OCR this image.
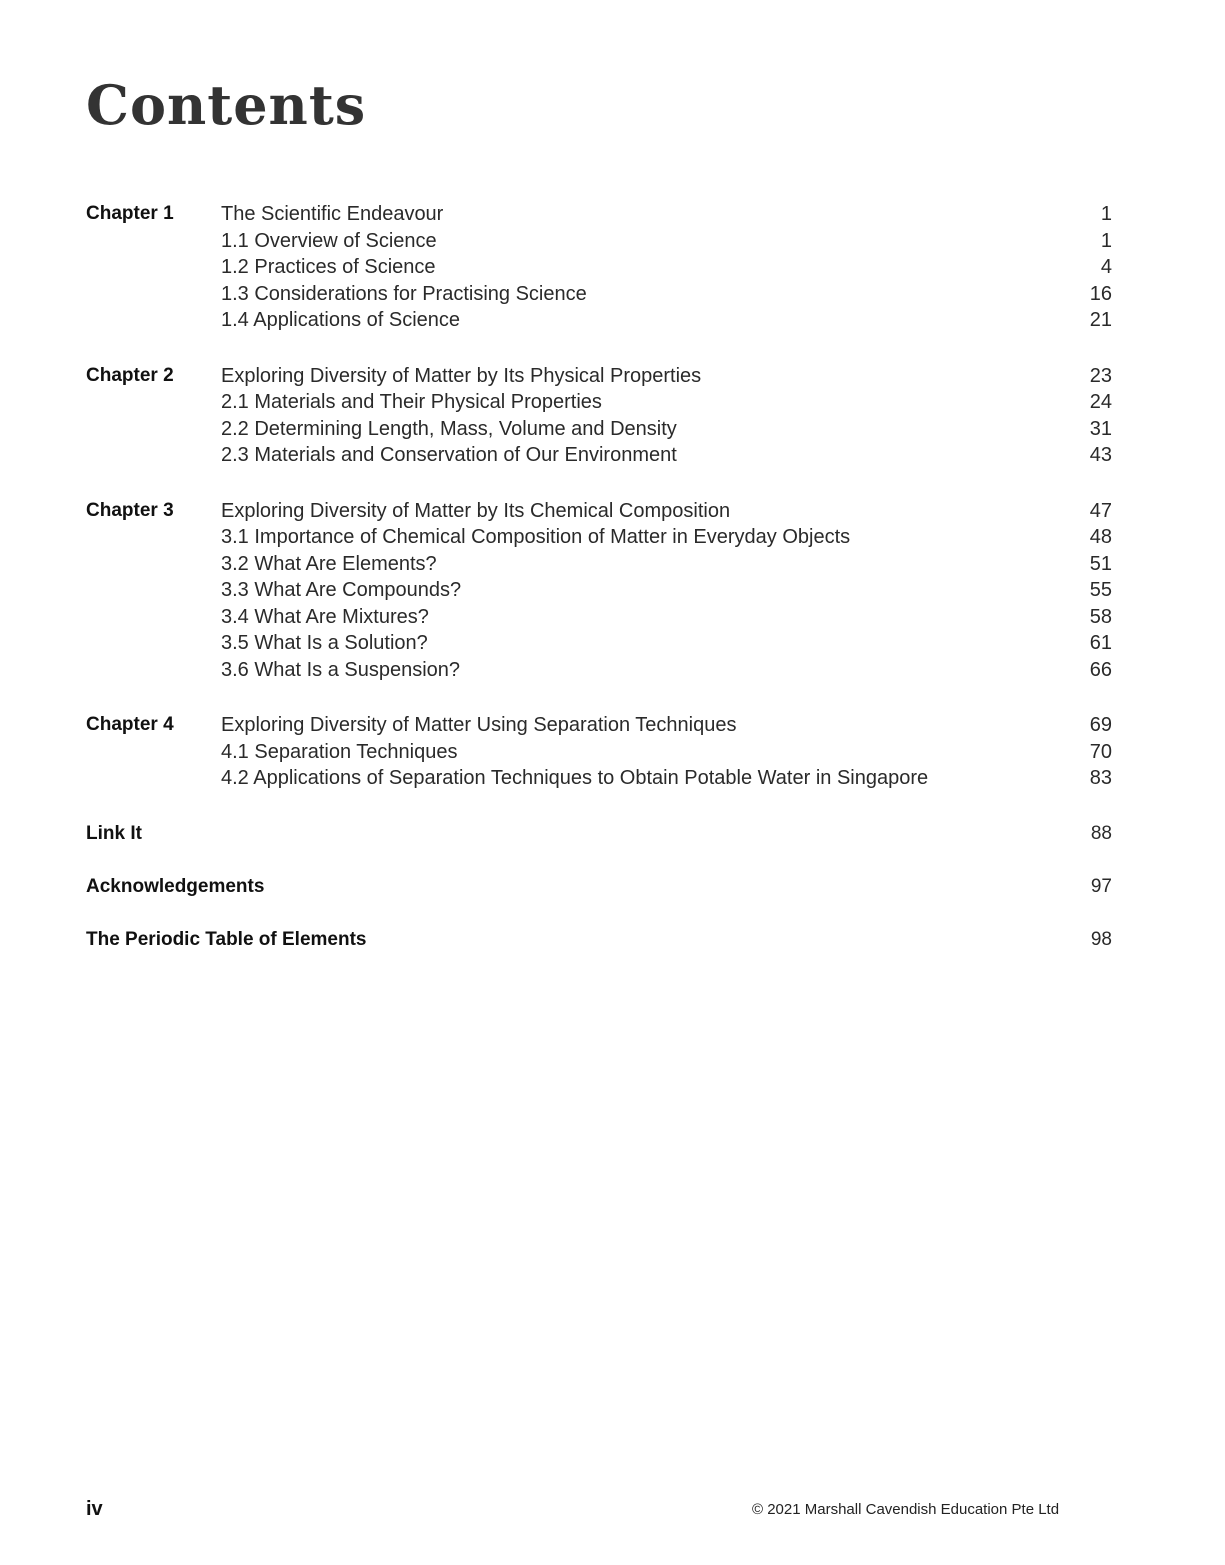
Contents
Chapter 1 The Scientific Endeavour	1
1.1 Overview of Science	1
1.2 Practices of Science	4
1.3 Considerations for Practising Science	16
1.4 Applications of Science	21
Chapter 2 Exploring Diversity of Matter by Its Physical Properties	23
2.1 Materials and Their Physical Properties	24
2.2 Determining Length, Mass, Volume and Density	31
2.3 Materials and Conservation of Our Environment	43
Chapter 3 Exploring Diversity of Matter by Its Chemical Composition	47
3.1 Importance of Chemical Composition of Matter in Everyday Objects	48
3.2 What Are Elements?	51
3.3 What Are Compounds?	55
3.4 What Are Mixtures?	58
3.5 What Is a Solution?	61
3.6 What Is a Suspension?	66
Chapter 4 Exploring Diversity of Matter Using Separation Techniques	69
4.1 Separation Techniques	70
4.2 Applications of Separation Techniques to Obtain Potable Water in Singapore	83
Link It	88
Acknowledgements	97
The Periodic Table of Elements	98
iv	© 2021 Marshall Cavendish Education Pte Ltd
